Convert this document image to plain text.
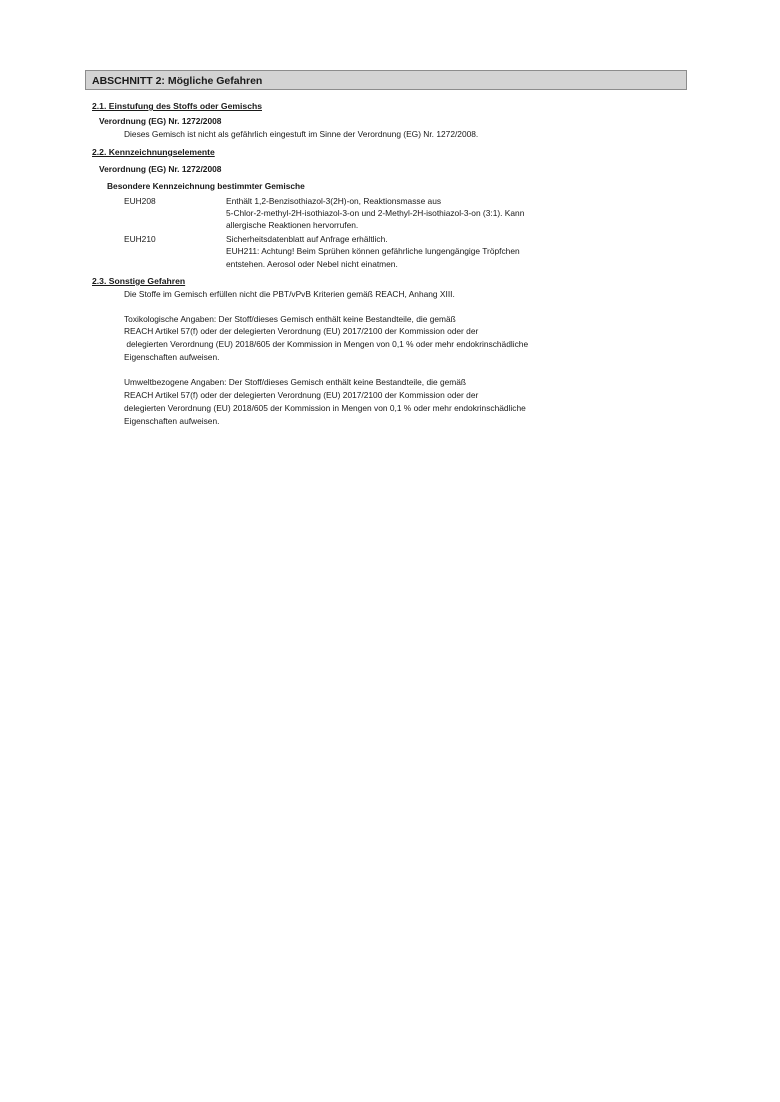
ABSCHNITT 2: Mögliche Gefahren
2.1. Einstufung des Stoffs oder Gemischs
Verordnung (EG) Nr. 1272/2008
Dieses Gemisch ist nicht als gefährlich eingestuft im Sinne der Verordnung (EG) Nr. 1272/2008.
2.2. Kennzeichnungselemente
Verordnung (EG) Nr. 1272/2008
Besondere Kennzeichnung bestimmter Gemische
EUH208	Enthält 1,2-Benzisothiazol-3(2H)-on, Reaktionsmasse aus
5-Chlor-2-methyl-2H-isothiazol-3-on und 2-Methyl-2H-isothiazol-3-on (3:1). Kann
allergische Reaktionen hervorrufen.
EUH210	Sicherheitsdatenblatt auf Anfrage erhältlich.
EUH211: Achtung! Beim Sprühen können gefährliche lungengängige Tröpfchen
entstehen. Aerosol oder Nebel nicht einatmen.
2.3. Sonstige Gefahren
Die Stoffe im Gemisch erfüllen nicht die PBT/vPvB Kriterien gemäß REACH, Anhang XIII.
Toxikologische Angaben: Der Stoff/dieses Gemisch enthält keine Bestandteile, die gemäß
REACH Artikel 57(f) oder der delegierten Verordnung (EU) 2017/2100 der Kommission oder der
delegierten Verordnung (EU) 2018/605 der Kommission in Mengen von 0,1 % oder mehr endokrinschädliche
Eigenschaften aufweisen.
Umweltbezogene Angaben: Der Stoff/dieses Gemisch enthält keine Bestandteile, die gemäß
REACH Artikel 57(f) oder der delegierten Verordnung (EU) 2017/2100 der Kommission oder der
delegierten Verordnung (EU) 2018/605 der Kommission in Mengen von 0,1 % oder mehr endokrinschädliche
Eigenschaften aufweisen.
